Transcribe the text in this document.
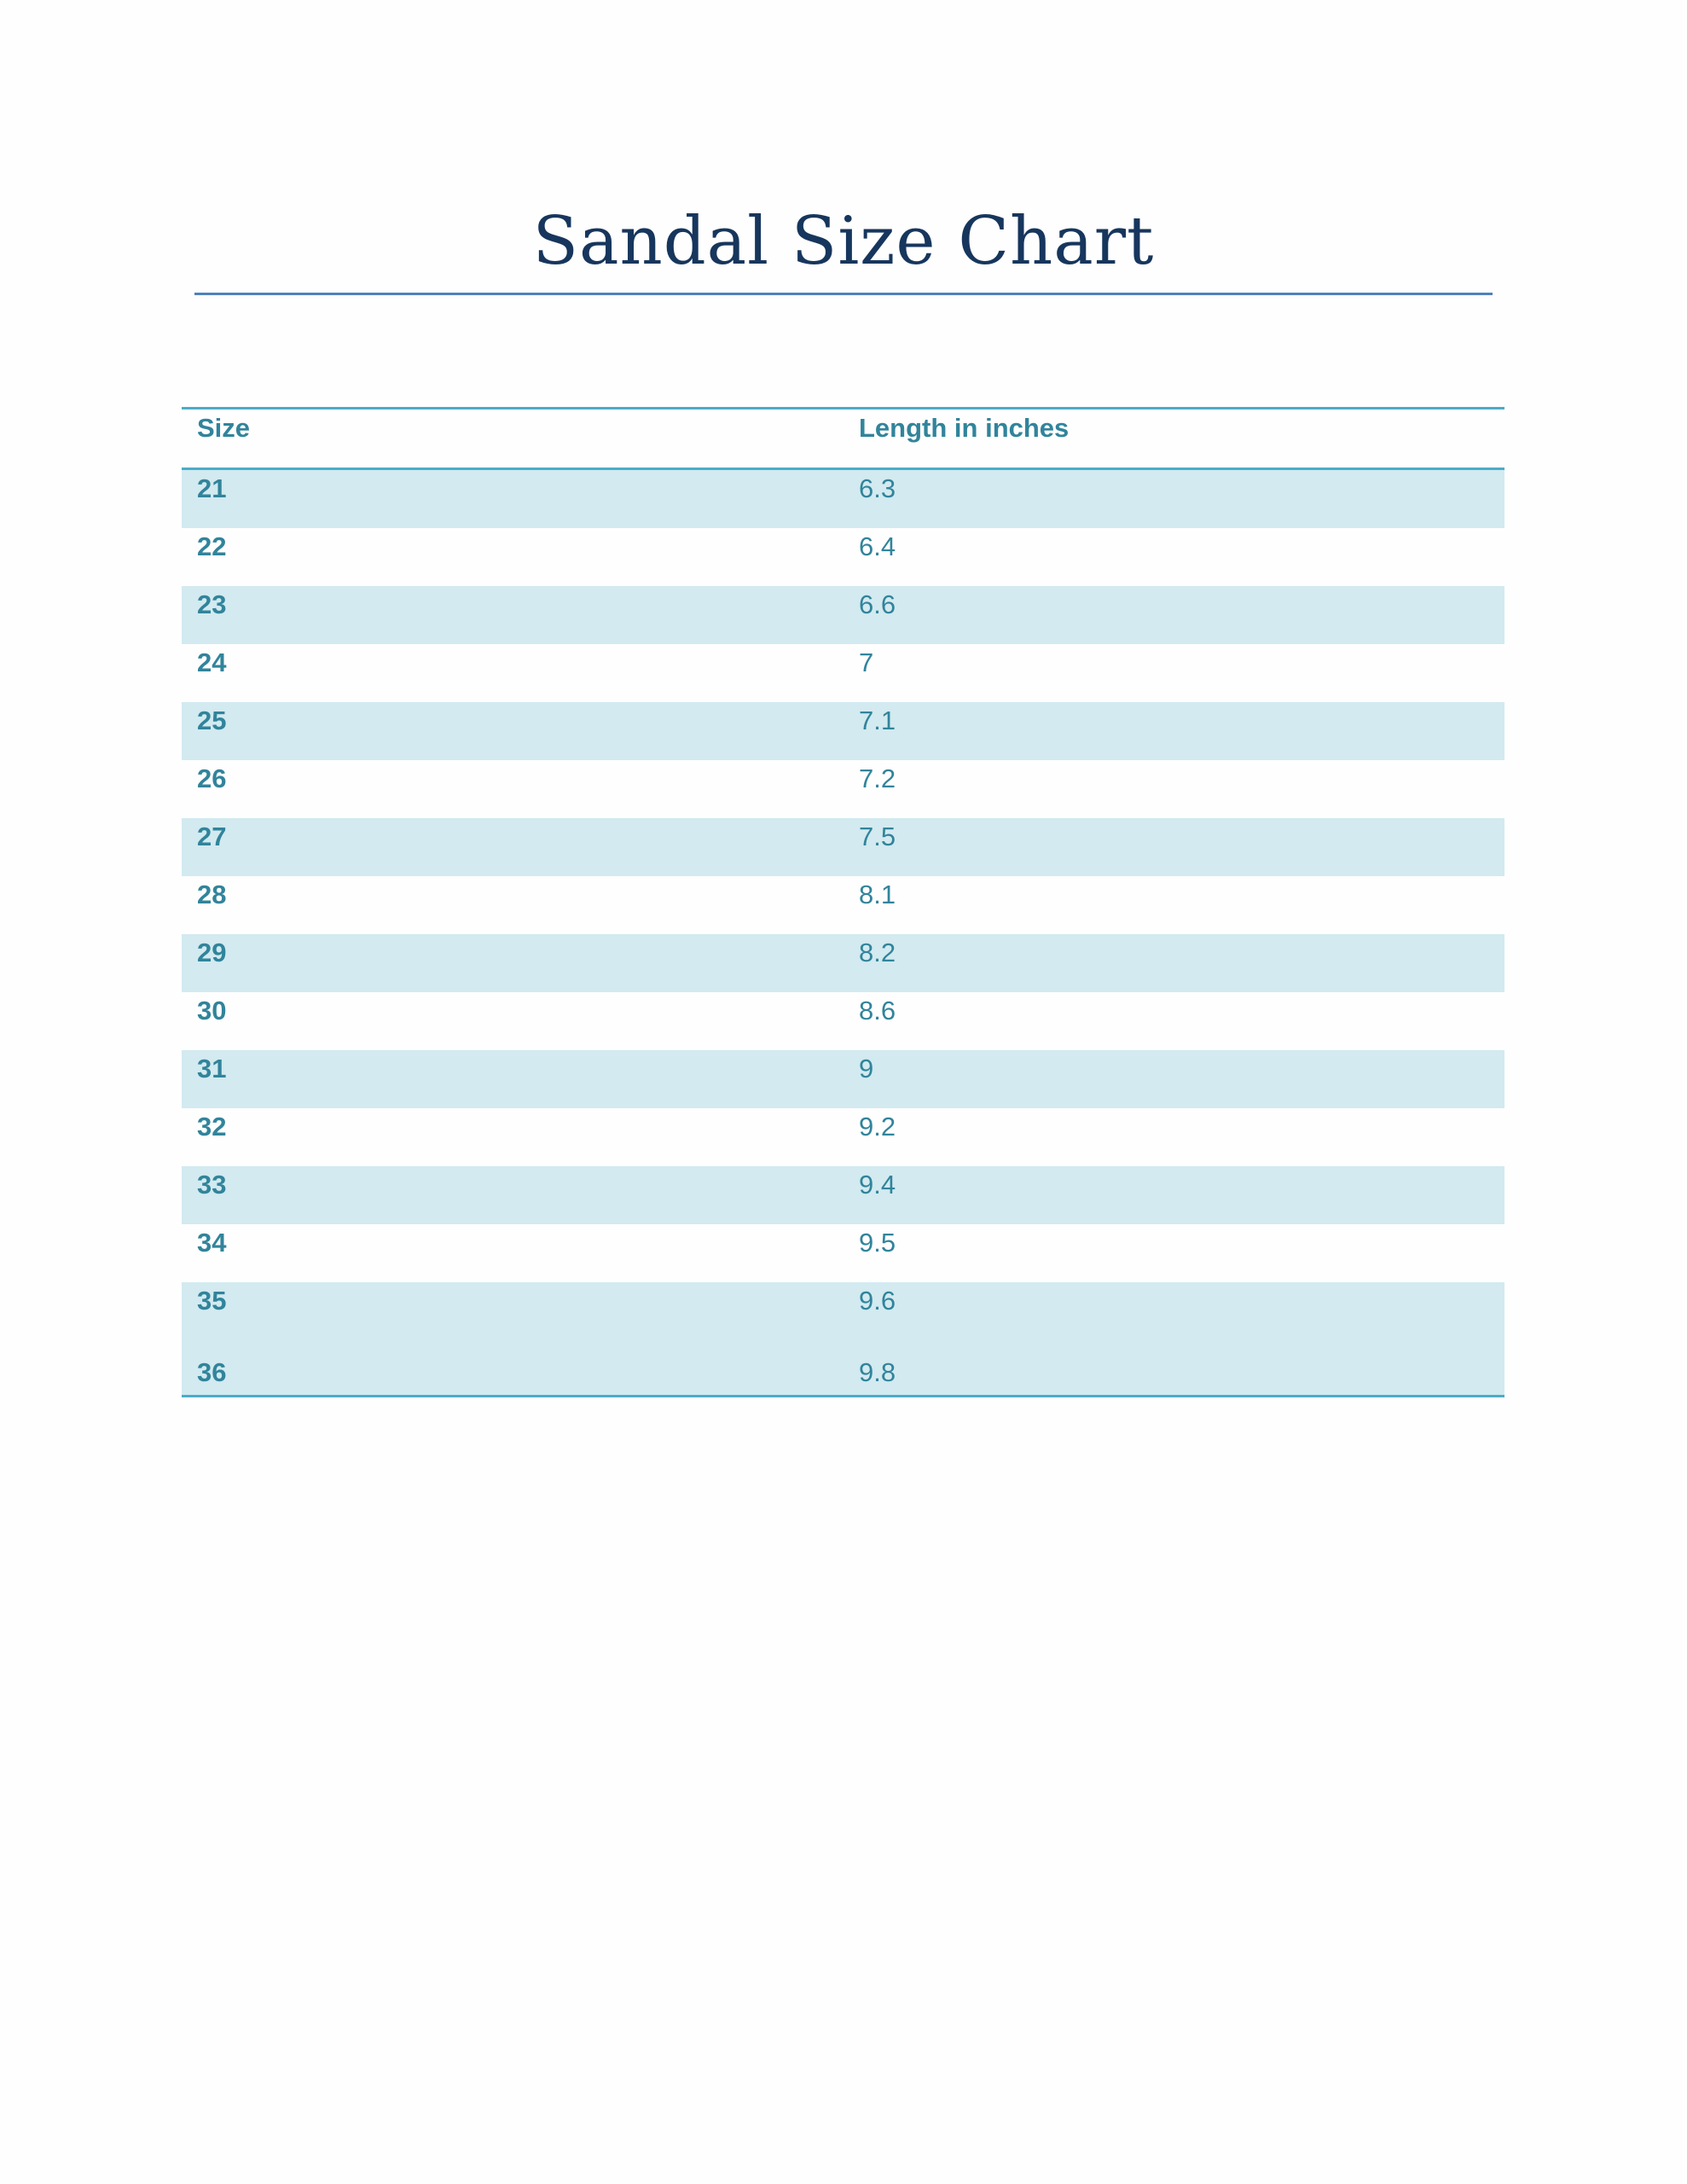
Sandal Size Chart
Size	Length in inches
21	6.3
22	6.4
23	6.6
24	7
25	7.1
26	7.2
27	7.5
28	8.1
29	8.2
30	8.6
31	9
32	9.2
33	9.4
34	9.5
35	9.6
36	9.8
